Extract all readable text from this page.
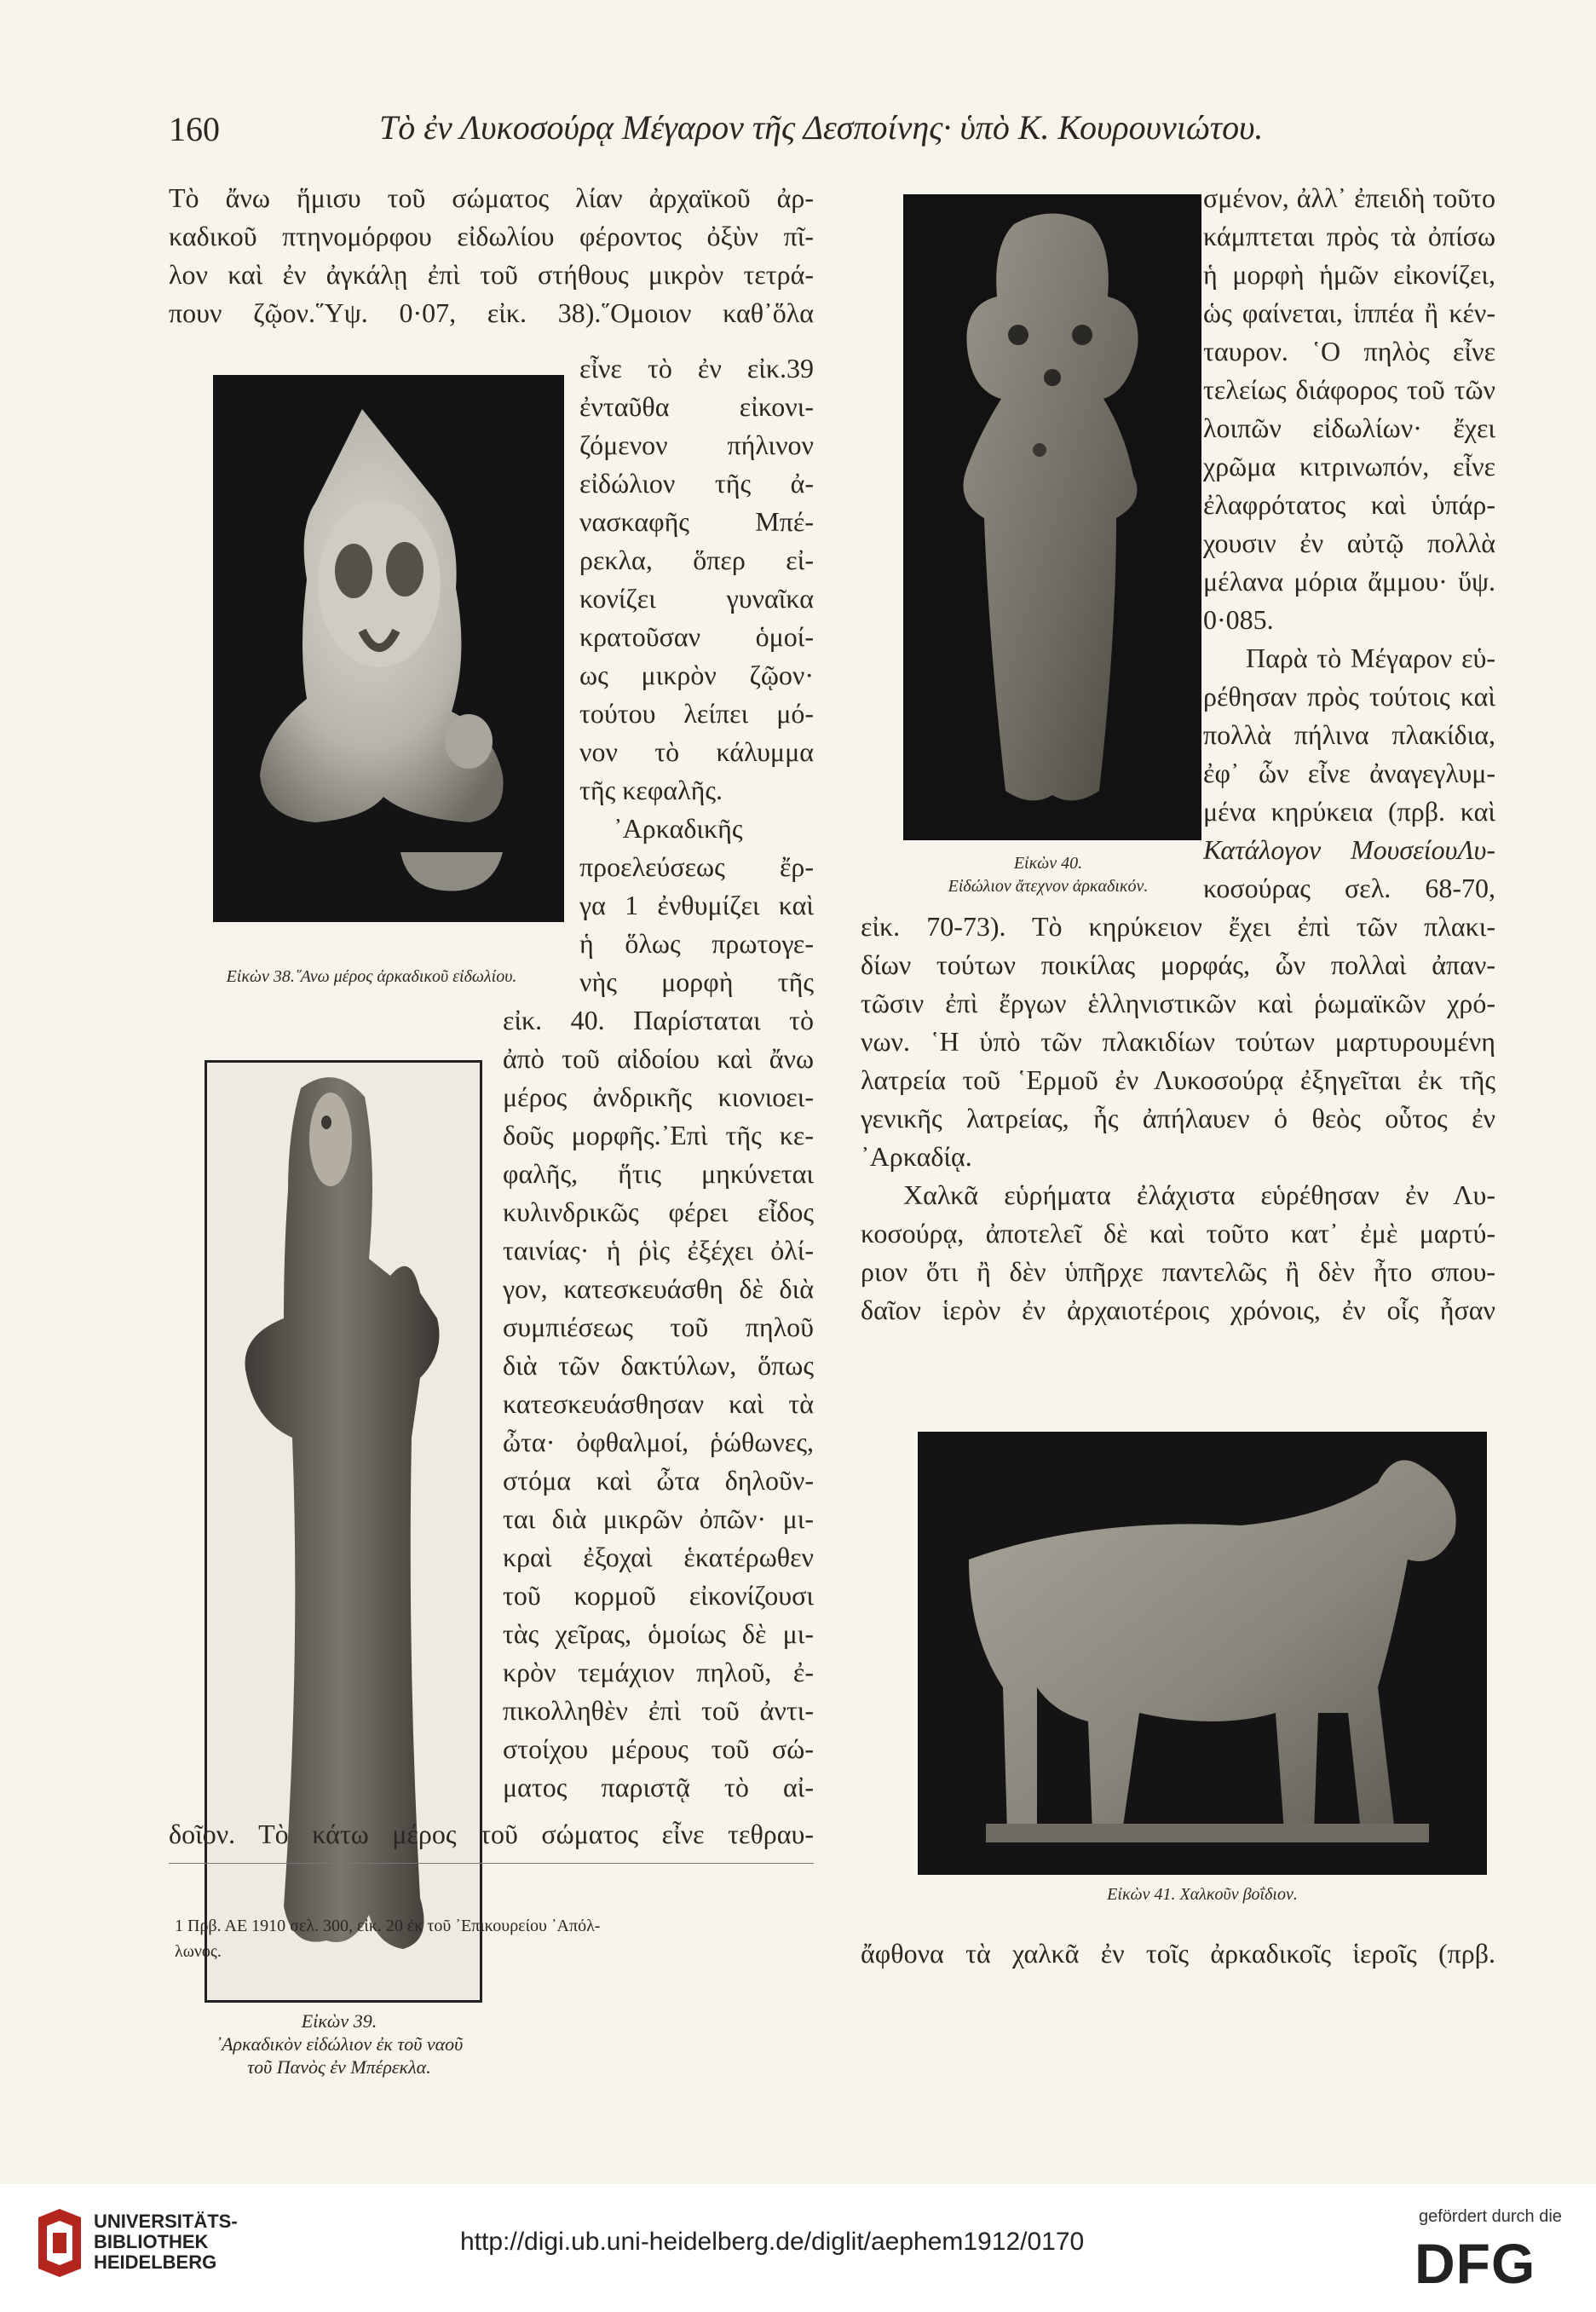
160	Τὸ ἐν Λυκοσούρᾳ Μέγαρον τῆς Δεσποίνης· ὑπὸ Κ. Κουρουνιώτου.
Τὸ ἄνω ἥμισυ τοῦ σώματος λίαν ἀρχαϊκοῦ ἀρ-
καδικοῦ πτηνομόρφου εἰδωλίου φέροντος ὀξὺν πῖ-
λον καὶ ἐν ἀγκάλῃ ἐπὶ τοῦ στήθους μικρὸν τετρά-
πουν ζῷον.῞Υψ. 0·07, εἰκ. 38).῞Ομοιον καθ᾽ὅλα
Εἰκὼν 38.῞Ανω μέρος ἀρκαδικοῦ εἰδωλίου.
εἶνε τὸ ἐν εἰκ.39
ἐνταῦθα εἰκονι-
ζόμενον πήλινον
εἰδώλιον τῆς ἀ-
νασκαφῆς Μπέ-
ρεκλα, ὅπερ εἰ-
κονίζει γυναῖκα
κρατοῦσαν ὁμοί-
ως μικρὸν ζῷον·
τούτου λείπει μό-
νον τὸ κάλυμμα
τῆς κεφαλῆς.
᾽Αρκαδικῆς
προελεύσεως ἔρ-
γα 1 ἐνθυμίζει καὶ
ἡ ὅλως πρωτογε-
νὴς μορφὴ τῆς
εἰκ. 40. Παρίσταται τὸ
Εἰκὼν 39.
᾽Αρκαδικὸν εἰδώλιον ἐκ τοῦ ναοῦ
τοῦ Πανὸς ἐν Μπέρεκλα.
ἀπὸ τοῦ αἰδοίου καὶ ἄνω
μέρος ἀνδρικῆς κιονιοει-
δοῦς μορφῆς.᾽Επὶ τῆς κε-
φαλῆς, ἥτις μηκύνεται
κυλινδρικῶς φέρει εἶδος
ταινίας· ἡ ῥὶς ἐξέχει ὀλί-
γον, κατεσκευάσθη δὲ διὰ
συμπιέσεως τοῦ πηλοῦ
διὰ τῶν δακτύλων, ὅπως
κατεσκευάσθησαν καὶ τὰ
ὦτα· ὀφθαλμοί, ῥώθωνες,
στόμα καὶ ὦτα δηλοῦν-
ται διὰ μικρῶν ὀπῶν· μι-
κραὶ ἐξοχαὶ ἑκατέρωθεν
τοῦ κορμοῦ εἰκονίζουσι
τὰς χεῖρας, ὁμοίως δὲ μι-
κρὸν τεμάχιον πηλοῦ, ἐ-
πικολληθὲν ἐπὶ τοῦ ἀντι-
στοίχου μέρους τοῦ σώ-
ματος παριστᾷ τὸ αἰ-
δοῖον. Τὸ κάτω μέρος τοῦ σώματος εἶνε τεθραυ-
1 Πρβ. ΑΕ 1910 σελ. 300, εἰκ. 20 ἐκ τοῦ ᾽Επικουρείου ᾽Απόλ-
λωνος.
Εἰκὼν 40.
Εἰδώλιον ἄτεχνον ἀρκαδικόν.
σμένον, ἀλλ᾽ ἐπειδὴ τοῦτο
κάμπτεται πρὸς τὰ ὀπίσω
ἡ μορφὴ ἡμῶν εἰκονίζει,
ὡς φαίνεται, ἱππέα ἢ κέν-
ταυρον. ῾Ο πηλὸς εἶνε
τελείως διάφορος τοῦ τῶν
λοιπῶν εἰδωλίων· ἔχει
χρῶμα κιτρινωπόν, εἶνε
ἐλαφρότατος καὶ ὑπάρ-
χουσιν ἐν αὐτῷ πολλὰ
μέλανα μόρια ἄμμου· ὕψ.
0·085.
Παρὰ τὸ Μέγαρον εὑ-
ρέθησαν πρὸς τούτοις καὶ
πολλὰ πήλινα πλακίδια,
ἐφ᾽ ὧν εἶνε ἀναγεγλυμ-
μένα κηρύκεια (πρβ. καὶ
Κατάλογον ΜουσείουΛυ-
κοσούρας σελ. 68-70,
εἰκ. 70-73). Τὸ κηρύκειον ἔχει ἐπὶ τῶν πλακι-
δίων τούτων ποικίλας μορφάς, ὧν πολλαὶ ἀπαν-
τῶσιν ἐπὶ ἔργων ἑλληνιστικῶν καὶ ῥωμαϊκῶν χρό-
νων. ῾Η ὑπὸ τῶν πλακιδίων τούτων μαρτυρουμένη
λατρεία τοῦ ῾Ερμοῦ ἐν Λυκοσούρᾳ ἐξηγεῖται ἐκ τῆς
γενικῆς λατρείας, ἧς ἀπήλαυεν ὁ θεὸς οὗτος ἐν
᾽Αρκαδίᾳ.
Χαλκᾶ εὑρήματα ἐλάχιστα εὑρέθησαν ἐν Λυ-
κοσούρᾳ, ἀποτελεῖ δὲ καὶ τοῦτο κατ᾽ ἐμὲ μαρτύ-
ριον ὅτι ἢ δὲν ὑπῆρχε παντελῶς ἢ δὲν ἦτο σπου-
δαῖον ἱερὸν ἐν ἀρχαιοτέροις χρόνοις, ἐν οἷς ἦσαν
Εἰκὼν 41. Χαλκοῦν βοΐδιον.
ἄφθονα τὰ χαλκᾶ ἐν τοῖς ἀρκαδικοῖς ἱεροῖς (πρβ.
UNIVERSITÄTS-
BIBLIOTHEK
HEIDELBERG
http://digi.ub.uni-heidelberg.de/diglit/aephem1912/0170
gefördert durch die
DFG
